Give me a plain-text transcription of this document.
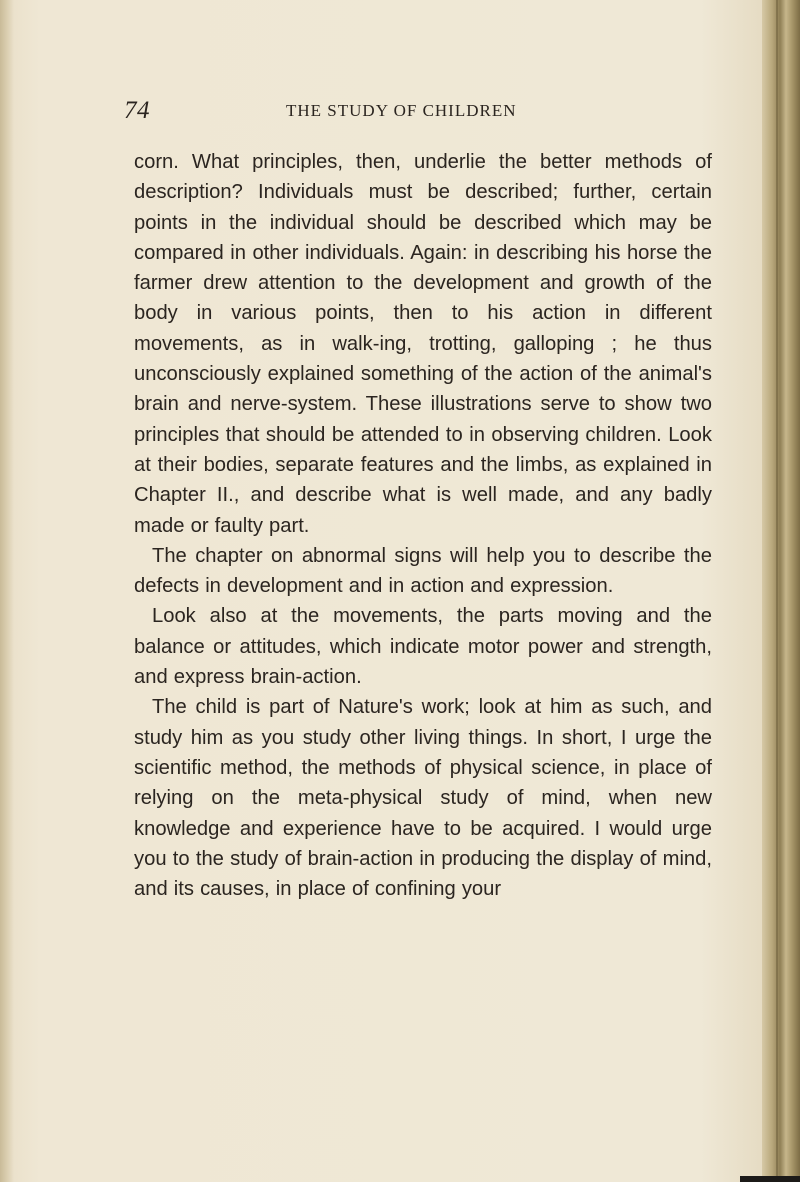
74	THE STUDY OF CHILDREN

corn. What principles, then, underlie the better methods of description? Individuals must be described; further, certain points in the individual should be described which may be compared in other individuals. Again: in describing his horse the farmer drew attention to the development and growth of the body in various points, then to his action in different movements, as in walk-ing, trotting, galloping ; he thus unconsciously explained something of the action of the animal's brain and nerve-system. These illustrations serve to show two principles that should be attended to in observing children. Look at their bodies, separate features and the limbs, as explained in Chapter II., and describe what is well made, and any badly made or faulty part.

The chapter on abnormal signs will help you to describe the defects in development and in action and expression.

Look also at the movements, the parts moving and the balance or attitudes, which indicate motor power and strength, and express brain-action.

The child is part of Nature's work; look at him as such, and study him as you study other living things. In short, I urge the scientific method, the methods of physical science, in place of relying on the meta-physical study of mind, when new knowledge and experience have to be acquired. I would urge you to the study of brain-action in producing the display of mind, and its causes, in place of confining your
